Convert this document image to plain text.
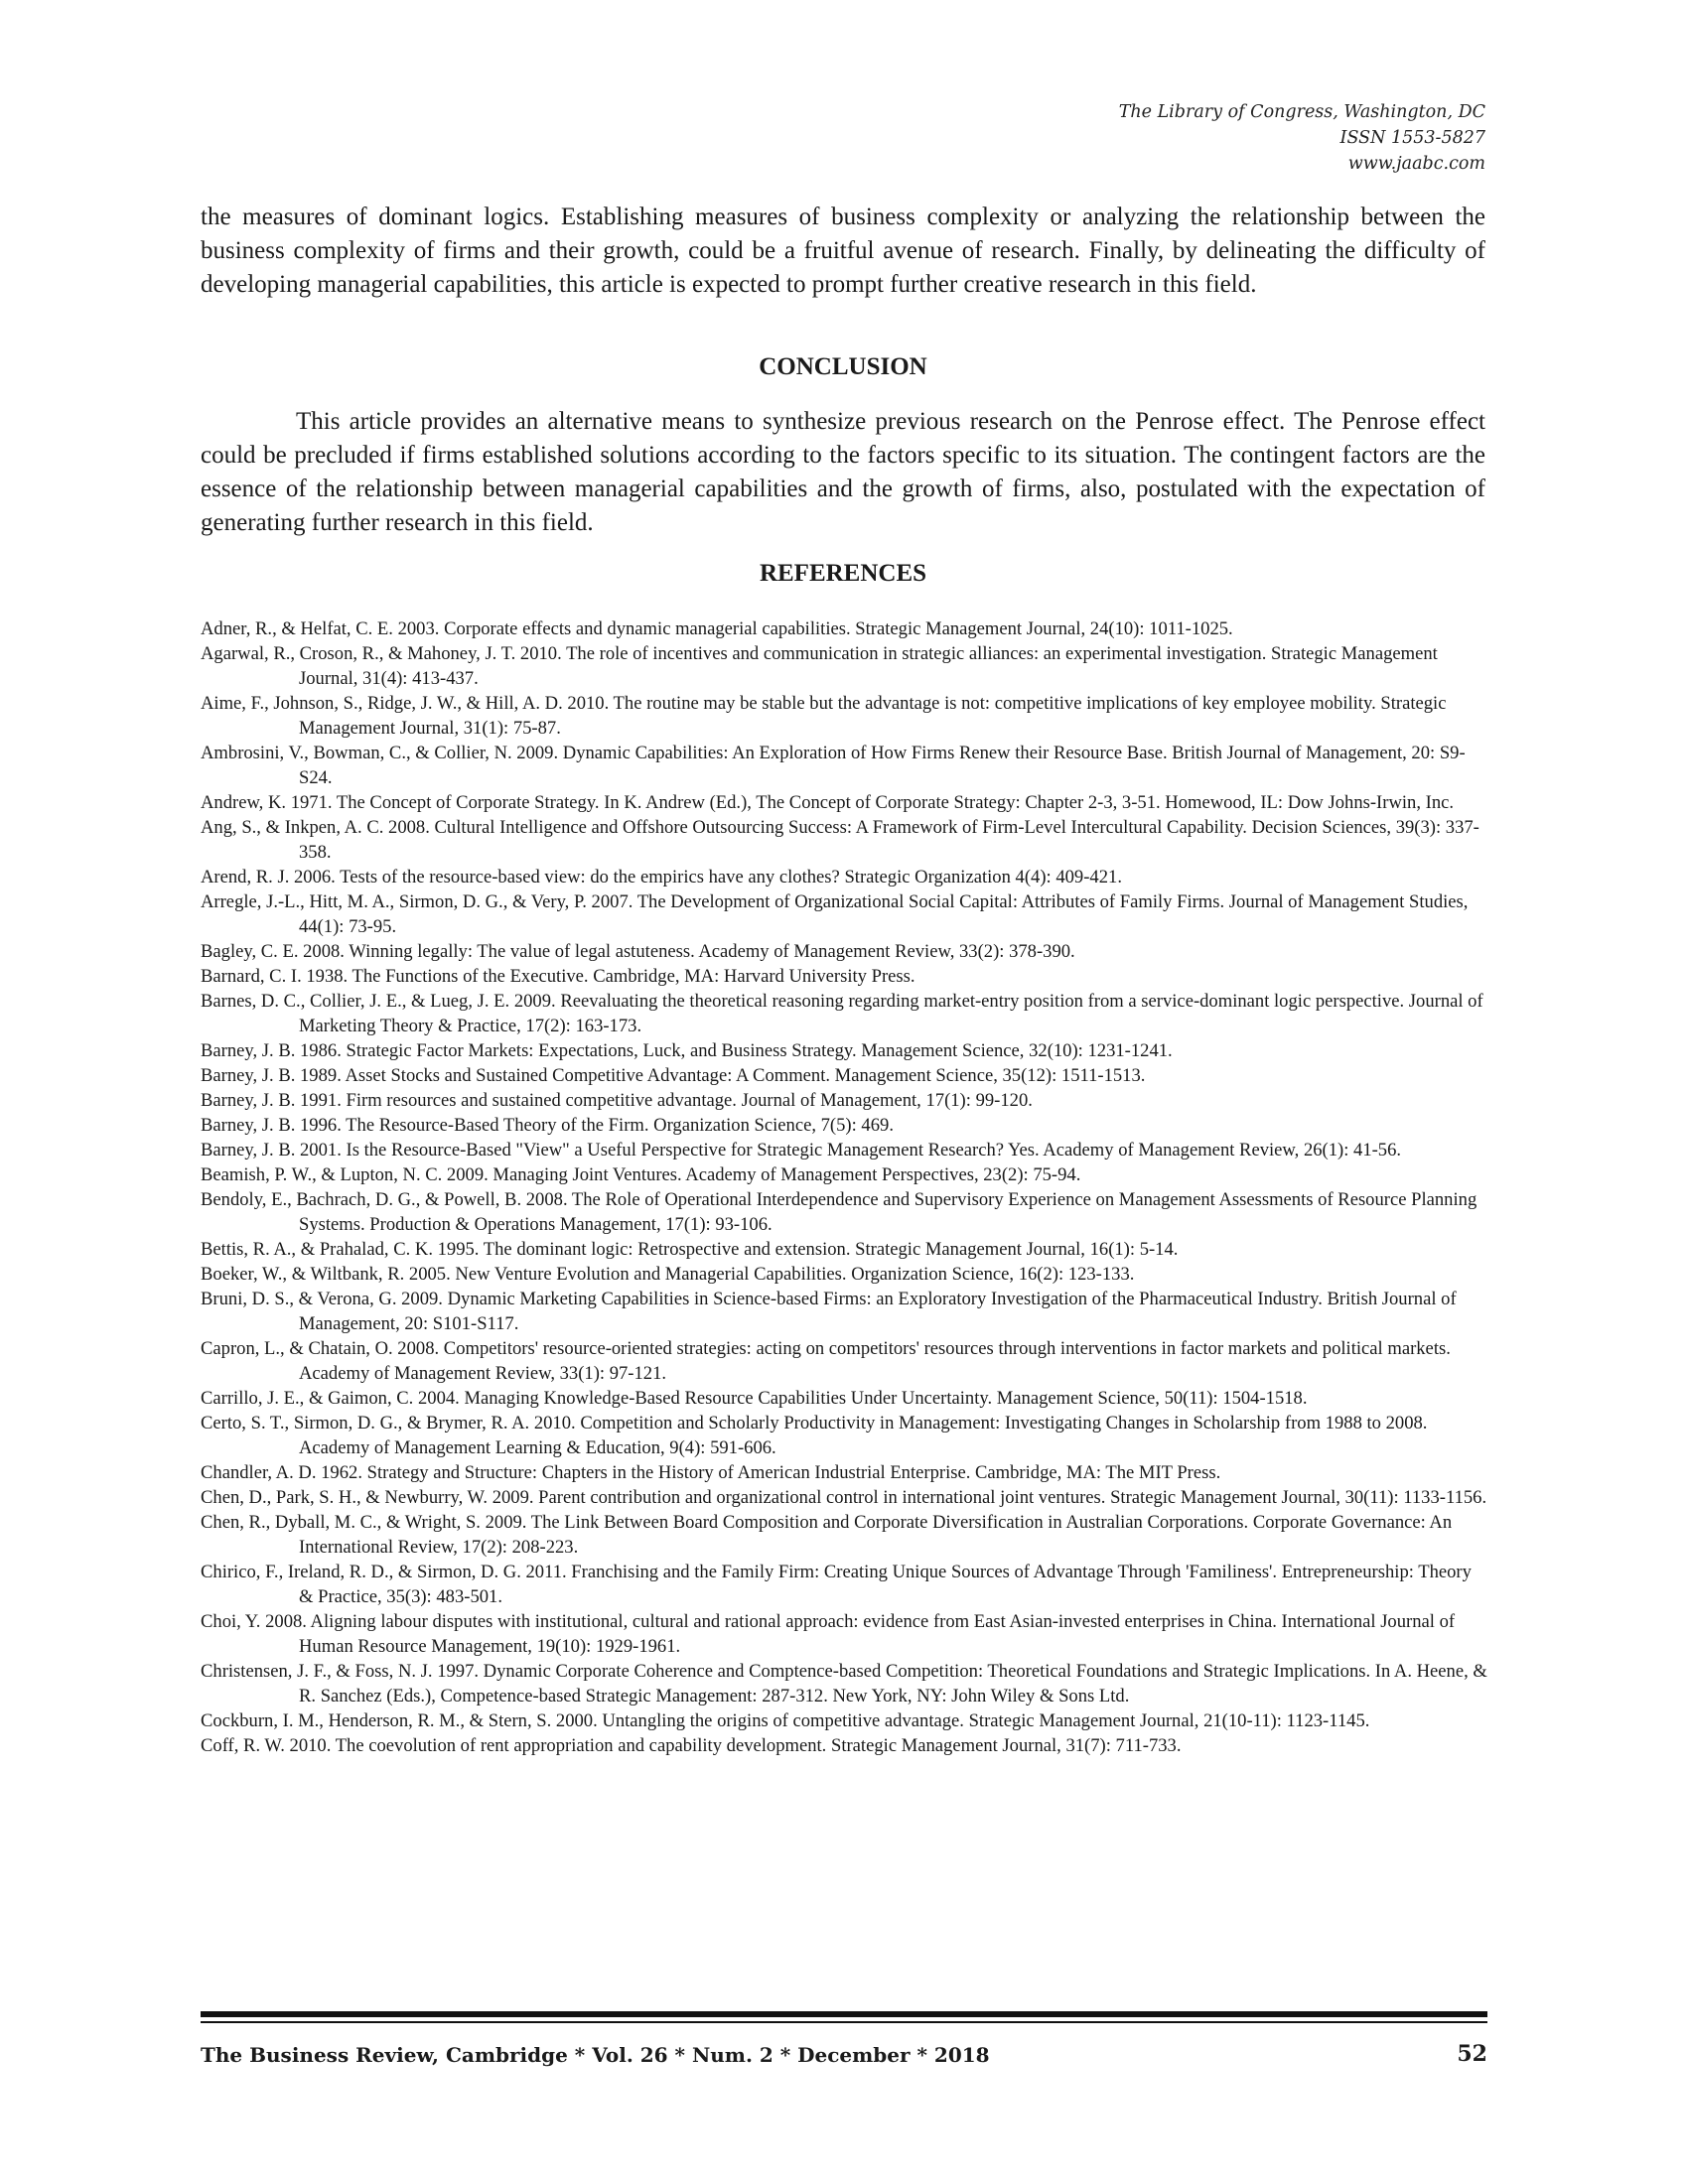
The Library of Congress, Washington, DC
ISSN 1553-5827
www.jaabc.com

the measures of dominant logics. Establishing measures of business complexity or analyzing the relationship between the business complexity of firms and their growth, could be a fruitful avenue of research. Finally, by delineating the difficulty of developing managerial capabilities, this article is expected to prompt further creative research in this field.

CONCLUSION

This article provides an alternative means to synthesize previous research on the Penrose effect. The Penrose effect could be precluded if firms established solutions according to the factors specific to its situation. The contingent factors are the essence of the relationship between managerial capabilities and the growth of firms, also, postulated with the expectation of generating further research in this field.

REFERENCES
Adner, R., & Helfat, C. E. 2003. Corporate effects and dynamic managerial capabilities. Strategic Management Journal, 24(10): 1011-1025.
Agarwal, R., Croson, R., & Mahoney, J. T. 2010. The role of incentives and communication in strategic alliances: an experimental investigation. Strategic Management Journal, 31(4): 413-437.
Aime, F., Johnson, S., Ridge, J. W., & Hill, A. D. 2010. The routine may be stable but the advantage is not: competitive implications of key employee mobility. Strategic Management Journal, 31(1): 75-87.
Ambrosini, V., Bowman, C., & Collier, N. 2009. Dynamic Capabilities: An Exploration of How Firms Renew their Resource Base. British Journal of Management, 20: S9-S24.
Andrew, K. 1971. The Concept of Corporate Strategy. In K. Andrew (Ed.), The Concept of Corporate Strategy: Chapter 2-3, 3-51. Homewood, IL: Dow Johns-Irwin, Inc.
Ang, S., & Inkpen, A. C. 2008. Cultural Intelligence and Offshore Outsourcing Success: A Framework of Firm-Level Intercultural Capability. Decision Sciences, 39(3): 337-358.
Arend, R. J. 2006. Tests of the resource-based view: do the empirics have any clothes? Strategic Organization 4(4): 409-421.
Arregle, J.-L., Hitt, M. A., Sirmon, D. G., & Very, P. 2007. The Development of Organizational Social Capital: Attributes of Family Firms. Journal of Management Studies, 44(1): 73-95.
Bagley, C. E. 2008. Winning legally: The value of legal astuteness. Academy of Management Review, 33(2): 378-390.
Barnard, C. I. 1938. The Functions of the Executive. Cambridge, MA: Harvard University Press.
Barnes, D. C., Collier, J. E., & Lueg, J. E. 2009. Reevaluating the theoretical reasoning regarding market-entry position from a service-dominant logic perspective. Journal of Marketing Theory & Practice, 17(2): 163-173.
Barney, J. B. 1986. Strategic Factor Markets: Expectations, Luck, and Business Strategy. Management Science, 32(10): 1231-1241.
Barney, J. B. 1989. Asset Stocks and Sustained Competitive Advantage: A Comment. Management Science, 35(12): 1511-1513.
Barney, J. B. 1991. Firm resources and sustained competitive advantage. Journal of Management, 17(1): 99-120.
Barney, J. B. 1996. The Resource-Based Theory of the Firm. Organization Science, 7(5): 469.
Barney, J. B. 2001. Is the Resource-Based "View" a Useful Perspective for Strategic Management Research? Yes. Academy of Management Review, 26(1): 41-56.
Beamish, P. W., & Lupton, N. C. 2009. Managing Joint Ventures. Academy of Management Perspectives, 23(2): 75-94.
Bendoly, E., Bachrach, D. G., & Powell, B. 2008. The Role of Operational Interdependence and Supervisory Experience on Management Assessments of Resource Planning Systems. Production & Operations Management, 17(1): 93-106.
Bettis, R. A., & Prahalad, C. K. 1995. The dominant logic: Retrospective and extension. Strategic Management Journal, 16(1): 5-14.
Boeker, W., & Wiltbank, R. 2005. New Venture Evolution and Managerial Capabilities. Organization Science, 16(2): 123-133.
Bruni, D. S., & Verona, G. 2009. Dynamic Marketing Capabilities in Science-based Firms: an Exploratory Investigation of the Pharmaceutical Industry. British Journal of Management, 20: S101-S117.
Capron, L., & Chatain, O. 2008. Competitors' resource-oriented strategies: acting on competitors' resources through interventions in factor markets and political markets. Academy of Management Review, 33(1): 97-121.
Carrillo, J. E., & Gaimon, C. 2004. Managing Knowledge-Based Resource Capabilities Under Uncertainty. Management Science, 50(11): 1504-1518.
Certo, S. T., Sirmon, D. G., & Brymer, R. A. 2010. Competition and Scholarly Productivity in Management: Investigating Changes in Scholarship from 1988 to 2008. Academy of Management Learning & Education, 9(4): 591-606.
Chandler, A. D. 1962. Strategy and Structure: Chapters in the History of American Industrial Enterprise. Cambridge, MA: The MIT Press.
Chen, D., Park, S. H., & Newburry, W. 2009. Parent contribution and organizational control in international joint ventures. Strategic Management Journal, 30(11): 1133-1156.
Chen, R., Dyball, M. C., & Wright, S. 2009. The Link Between Board Composition and Corporate Diversification in Australian Corporations. Corporate Governance: An International Review, 17(2): 208-223.
Chirico, F., Ireland, R. D., & Sirmon, D. G. 2011. Franchising and the Family Firm: Creating Unique Sources of Advantage Through 'Familiness'. Entrepreneurship: Theory & Practice, 35(3): 483-501.
Choi, Y. 2008. Aligning labour disputes with institutional, cultural and rational approach: evidence from East Asian-invested enterprises in China. International Journal of Human Resource Management, 19(10): 1929-1961.
Christensen, J. F., & Foss, N. J. 1997. Dynamic Corporate Coherence and Comptence-based Competition: Theoretical Foundations and Strategic Implications. In A. Heene, & R. Sanchez (Eds.), Competence-based Strategic Management: 287-312. New York, NY: John Wiley & Sons Ltd.
Cockburn, I. M., Henderson, R. M., & Stern, S. 2000. Untangling the origins of competitive advantage. Strategic Management Journal, 21(10-11): 1123-1145.
Coff, R. W. 2010. The coevolution of rent appropriation and capability development. Strategic Management Journal, 31(7): 711-733.
The Business Review, Cambridge * Vol. 26 * Num. 2 * December * 2018	52
